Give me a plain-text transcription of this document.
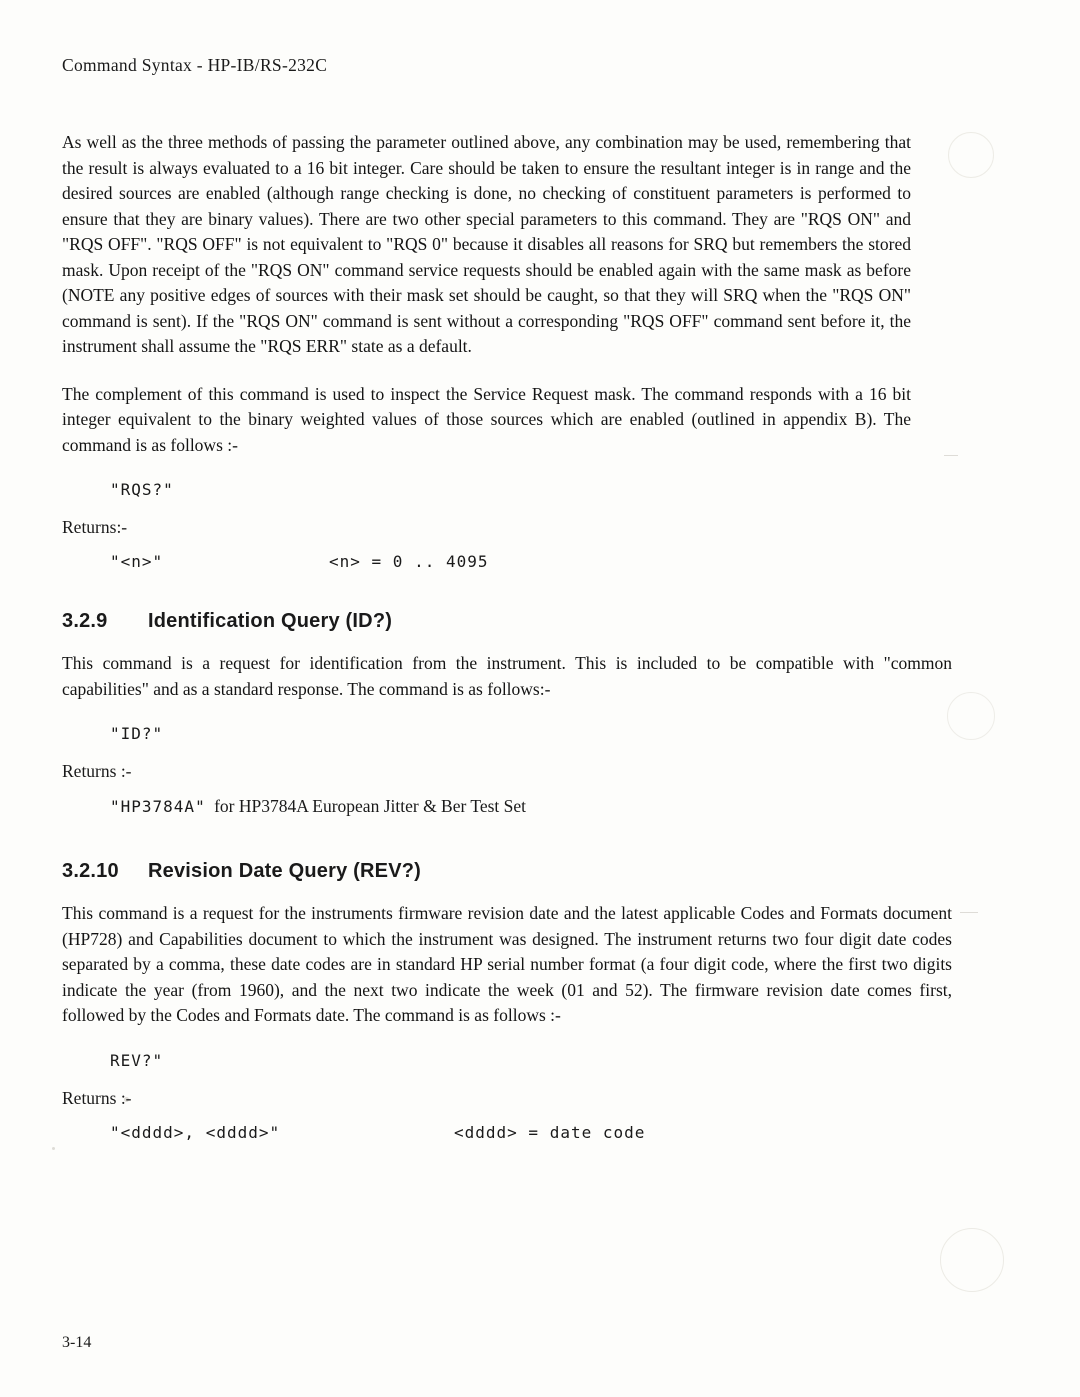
Command Syntax - HP-IB/RS-232C

As well as the three methods of passing the parameter outlined above, any combination may be used, remembering that the result is always evaluated to a 16 bit integer. Care should be taken to ensure the resultant integer is in range and the desired sources are enabled (although range checking is done, no checking of constituent parameters is performed to ensure that they are binary values). There are two other special parameters to this command. They are "RQS ON" and "RQS OFF". "RQS OFF" is not equivalent to "RQS 0" because it disables all reasons for SRQ but remembers the stored mask. Upon receipt of the "RQS ON" command service requests should be enabled again with the same mask as before (NOTE any positive edges of sources with their mask set should be caught, so that they will SRQ when the "RQS ON" command is sent). If the "RQS ON" command is sent without a corresponding "RQS OFF" command sent before it, the instrument shall assume the "RQS ERR" state as a default.

The complement of this command is used to inspect the Service Request mask. The command responds with a 16 bit integer equivalent to the binary weighted values of those sources which are enabled (outlined in appendix B). The command is as follows :-

"RQS?"
Returns:-
"<n>"	<n> = 0 .. 4095
3.2.9 Identification Query (ID?)

This command is a request for identification from the instrument. This is included to be compatible with "common capabilities" and as a standard response. The command is as follows:-

"ID?"
Returns :-
"HP3784A" for HP3784A European Jitter & Ber Test Set
3.2.10 Revision Date Query (REV?)

This command is a request for the instruments firmware revision date and the latest applicable Codes and Formats document (HP728) and Capabilities document to which the instrument was designed. The instrument returns two four digit date codes separated by a comma, these date codes are in standard HP serial number format (a four digit code, where the first two digits indicate the year (from 1960), and the next two indicate the week (01 and 52). The firmware revision date comes first, followed by the Codes and Formats date. The command is as follows :-

REV?"
Returns :-
"<dddd>, <dddd>"	<dddd> = date code
3-14
